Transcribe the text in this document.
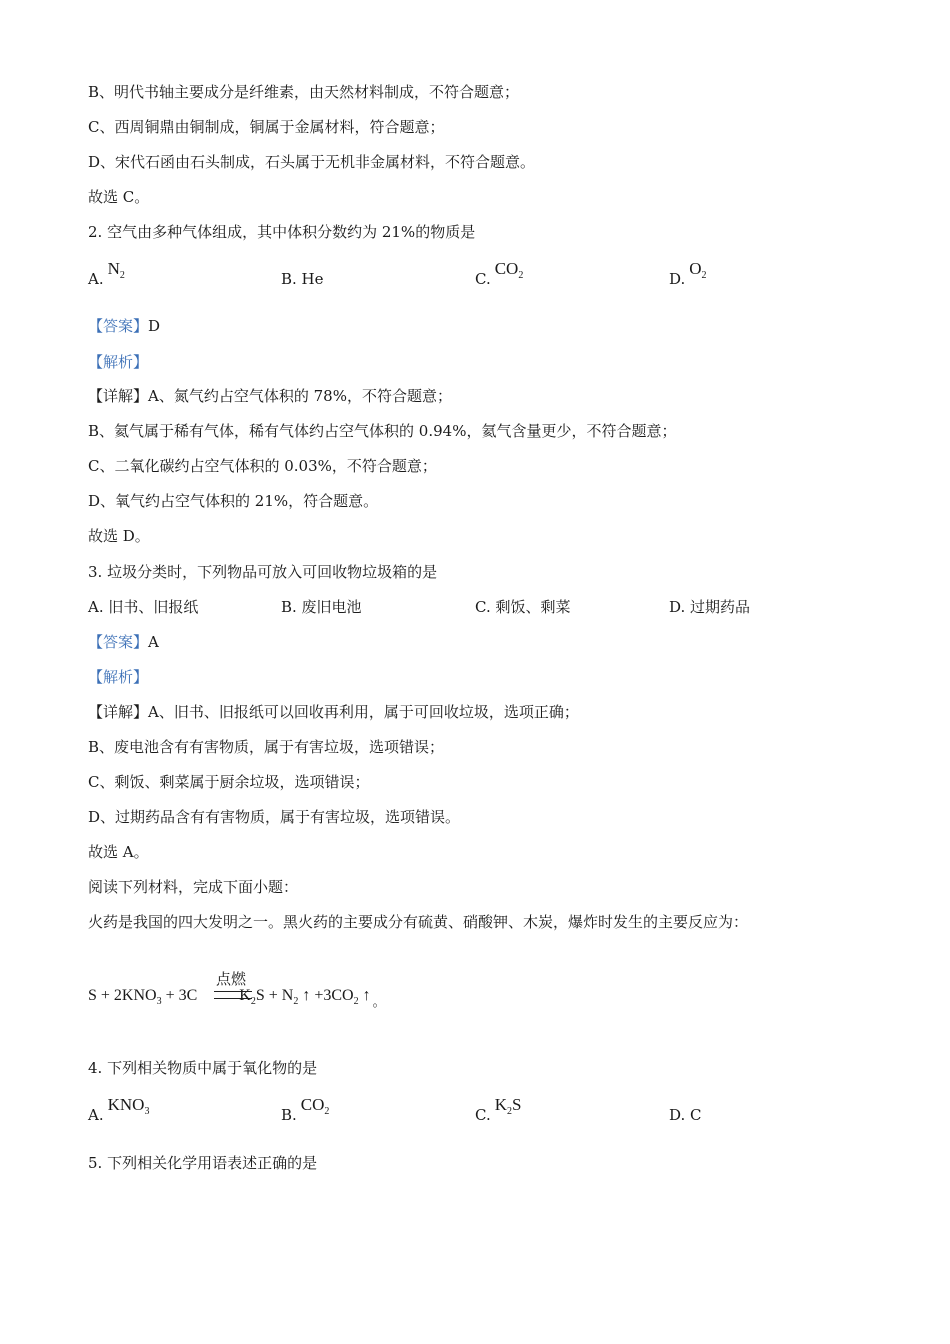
B、明代书轴主要成分是纤维素，由天然材料制成，不符合题意；
C、西周铜鼎由铜制成，铜属于金属材料，符合题意；
D、宋代石函由石头制成，石头属于无机非金属材料，不符合题意。
故选 C。
2. 空气由多种气体组成，其中体积分数约为 21%的物质是
$A.N_2$	B. He	$C.CO_2$	$D.O_2$
【答案】D
【解析】
【详解】A、氮气约占空气体积的 78%，不符合题意；
B、氦气属于稀有气体，稀有气体约占空气体积的 0.94%，氦气含量更少，不符合题意；
C、二氧化碳约占空气体积的 0.03%，不符合题意；
D、氧气约占空气体积的 21%，符合题意。
故选 D。
3. 垃圾分类时，下列物品可放入可回收物垃圾箱的是
A. 旧书、旧报纸	B. 废旧电池	C. 剩饭、剩菜	D. 过期药品
【答案】A
【解析】
【详解】A、旧书、旧报纸可以回收再利用，属于可回收垃圾，选项正确；
B、废电池含有有害物质，属于有害垃圾，选项错误；
C、剩饭、剩菜属于厨余垃圾，选项错误；
D、过期药品含有有害物质，属于有害垃圾，选项错误。
故选 A。
阅读下列材料，完成下面小题：
火药是我国的四大发明之一。黑火药的主要成分有硫黄、硝酸钾、木炭，爆炸时发生的主要反应为：
点燃
$S + 2KNO_3 + 3C$	$K_2S + N_2$ ↑ $+3CO_2$ ↑ $_。$
4. 下列相关物质中属于氧化物的是
$A.KNO_3$	$B.CO_2$	$C.K_2S$
D. C
5. 下列相关化学用语表述正确的是
